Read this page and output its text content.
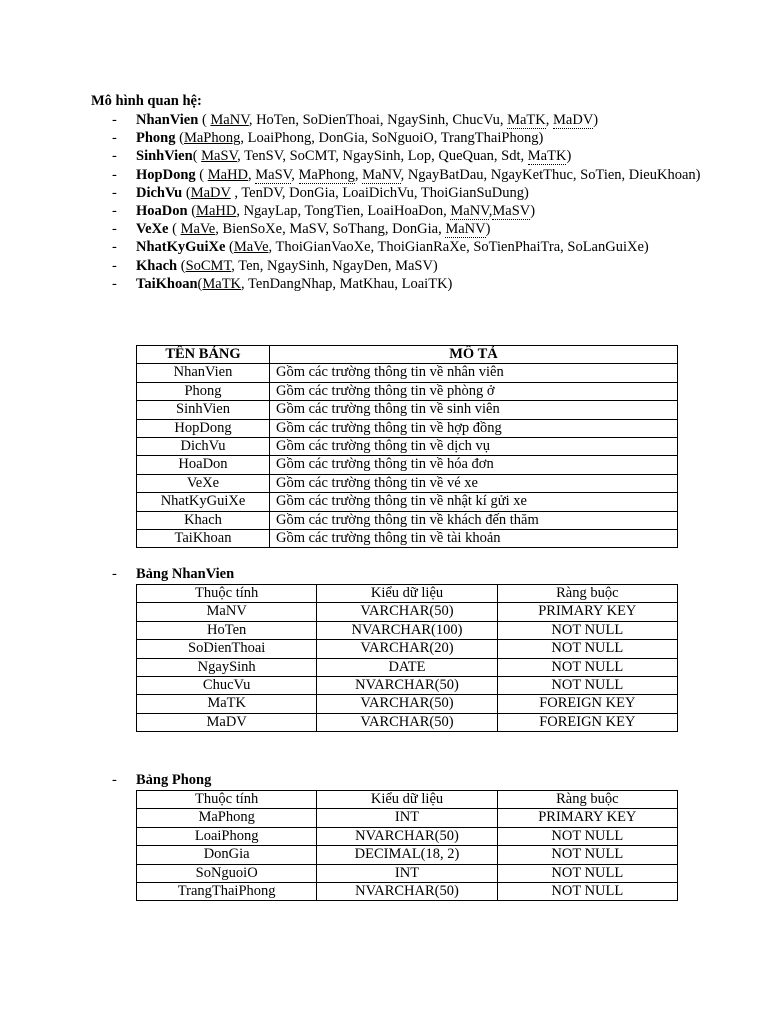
Mô hình quan hệ:
- NhanVien ( MaNV, HoTen, SoDienThoai, NgaySinh, ChucVu, MaTK, MaDV)
- Phong (MaPhong, LoaiPhong, DonGia, SoNguoiO, TrangThaiPhong)
- SinhVien( MaSV, TenSV, SoCMT, NgaySinh, Lop, QueQuan, Sdt, MaTK)
- HopDong ( MaHD, MaSV, MaPhong, MaNV, NgayBatDau, NgayKetThuc, SoTien, DieuKhoan)
- DichVu (MaDV , TenDV, DonGia, LoaiDichVu, ThoiGianSuDung)
- HoaDon (MaHD, NgayLap, TongTien, LoaiHoaDon, MaNV,MaSV)
- VeXe ( MaVe, BienSoXe, MaSV, SoThang, DonGia, MaNV)
- NhatKyGuiXe (MaVe, ThoiGianVaoXe, ThoiGianRaXe, SoTienPhaiTra, SoLanGuiXe)
- Khach (SoCMT, Ten, NgaySinh, NgayDen, MaSV)
- TaiKhoan(MaTK, TenDangNhap, MatKhau, LoaiTK)
TÊN BẢNG	MÔ TẢ
NhanVien	Gồm các trường thông tin về nhân viên
Phong	Gồm các trường thông tin về phòng ở
SinhVien	Gồm các trường thông tin về sinh viên
HopDong	Gồm các trường thông tin về hợp đồng
DichVu	Gồm các trường thông tin về dịch vụ
HoaDon	Gồm các trường thông tin về hóa đơn
VeXe	Gồm các trường thông tin về vé xe
NhatKyGuiXe	Gồm các trường thông tin về nhật kí gửi xe
Khach	Gồm các trường thông tin về khách đến thăm
TaiKhoan	Gồm các trường thông tin về tài khoản
- Bảng NhanVien
Thuộc tính	Kiểu dữ liệu	Ràng buộc
MaNV	VARCHAR(50)	PRIMARY KEY
HoTen	NVARCHAR(100)	NOT NULL
SoDienThoai	VARCHAR(20)	NOT NULL
NgaySinh	DATE	NOT NULL
ChucVu	NVARCHAR(50)	NOT NULL
MaTK	VARCHAR(50)	FOREIGN KEY
MaDV	VARCHAR(50)	FOREIGN KEY
- Bảng Phong
Thuộc tính	Kiểu dữ liệu	Ràng buộc
MaPhong	INT	PRIMARY KEY
LoaiPhong	NVARCHAR(50)	NOT NULL
DonGia	DECIMAL(18, 2)	NOT NULL
SoNguoiO	INT	NOT NULL
TrangThaiPhong	NVARCHAR(50)	NOT NULL
